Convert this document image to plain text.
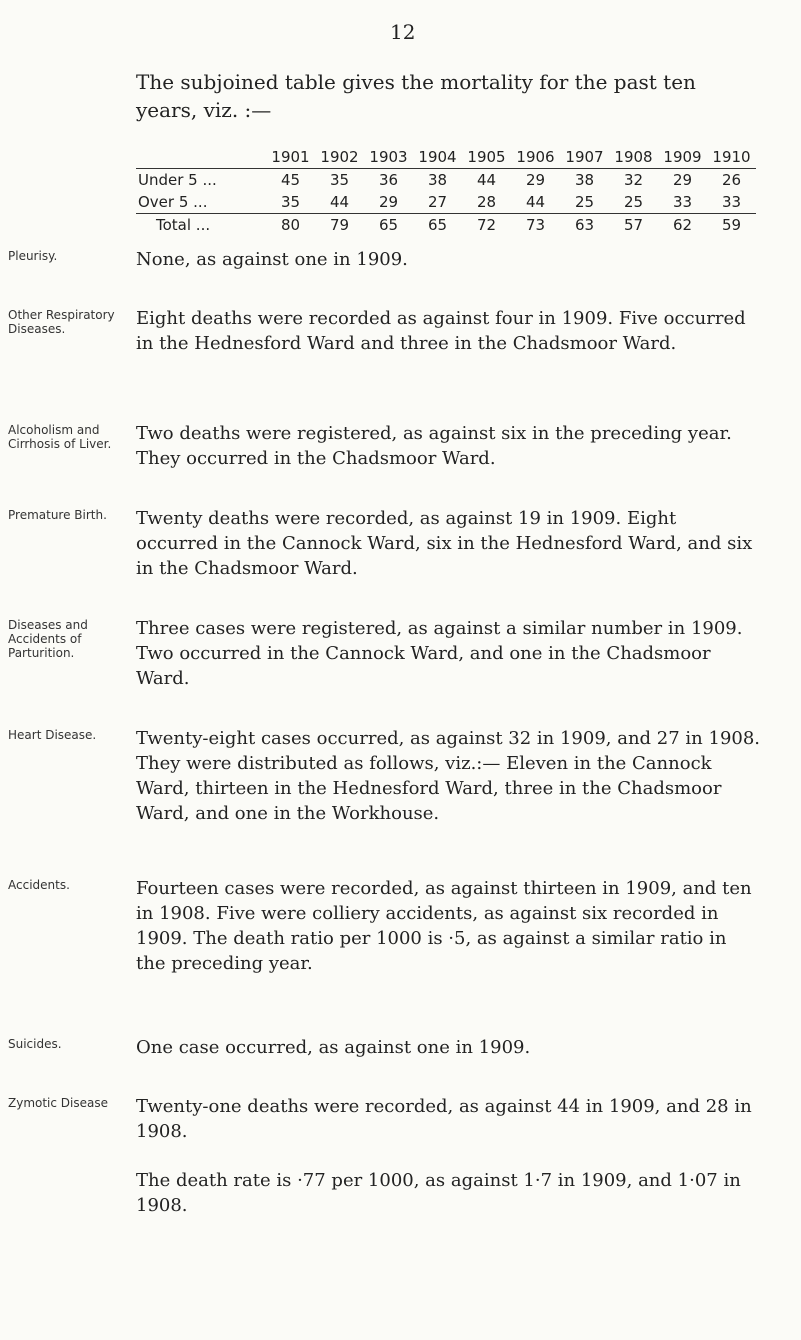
12
The subjoined table gives the mortality for the past ten years, viz. :—
	1901	1902	1903	1904	1905	1906	1907	1908	1909	1910
Under 5 ...	45	35	36	38	44	29	38	32	29	26
Over 5 ...	35	44	29	27	28	44	25	25	33	33
Total ...	80	79	65	65	72	73	63	57	62	59
Pleurisy.	None, as against one in 1909.
Other Respiratory Diseases.	Eight deaths were recorded as against four in 1909. Five occurred in the Hednesford Ward and three in the Chadsmoor Ward.
Alcoholism and Cirrhosis of Liver.	Two deaths were registered, as against six in the preceding year. They occurred in the Chadsmoor Ward.
Premature Birth.	Twenty deaths were recorded, as against 19 in 1909. Eight occurred in the Cannock Ward, six in the Hednesford Ward, and six in the Chadsmoor Ward.
Diseases and Accidents of Parturition.
Three cases were registered, as against a similar number in 1909. Two occurred in the Cannock Ward, and one in the Chadsmoor Ward.
Heart Disease.	Twenty-eight cases occurred, as against 32 in 1909, and 27 in 1908. They were distributed as follows, viz.:— Eleven in the Cannock Ward, thirteen in the Hednesford Ward, three in the Chadsmoor Ward, and one in the Workhouse.
Accidents.	Fourteen cases were recorded, as against thirteen in 1909, and ten in 1908. Five were colliery accidents, as against six recorded in 1909. The death ratio per 1000 is ·5, as against a similar ratio in the preceding year.
Suicides.	One case occurred, as against one in 1909.
Zymotic Disease	Twenty-one deaths were recorded, as against 44 in 1909, and 28 in 1908.
The death rate is ·77 per 1000, as against 1·7 in 1909, and 1·07 in 1908.
